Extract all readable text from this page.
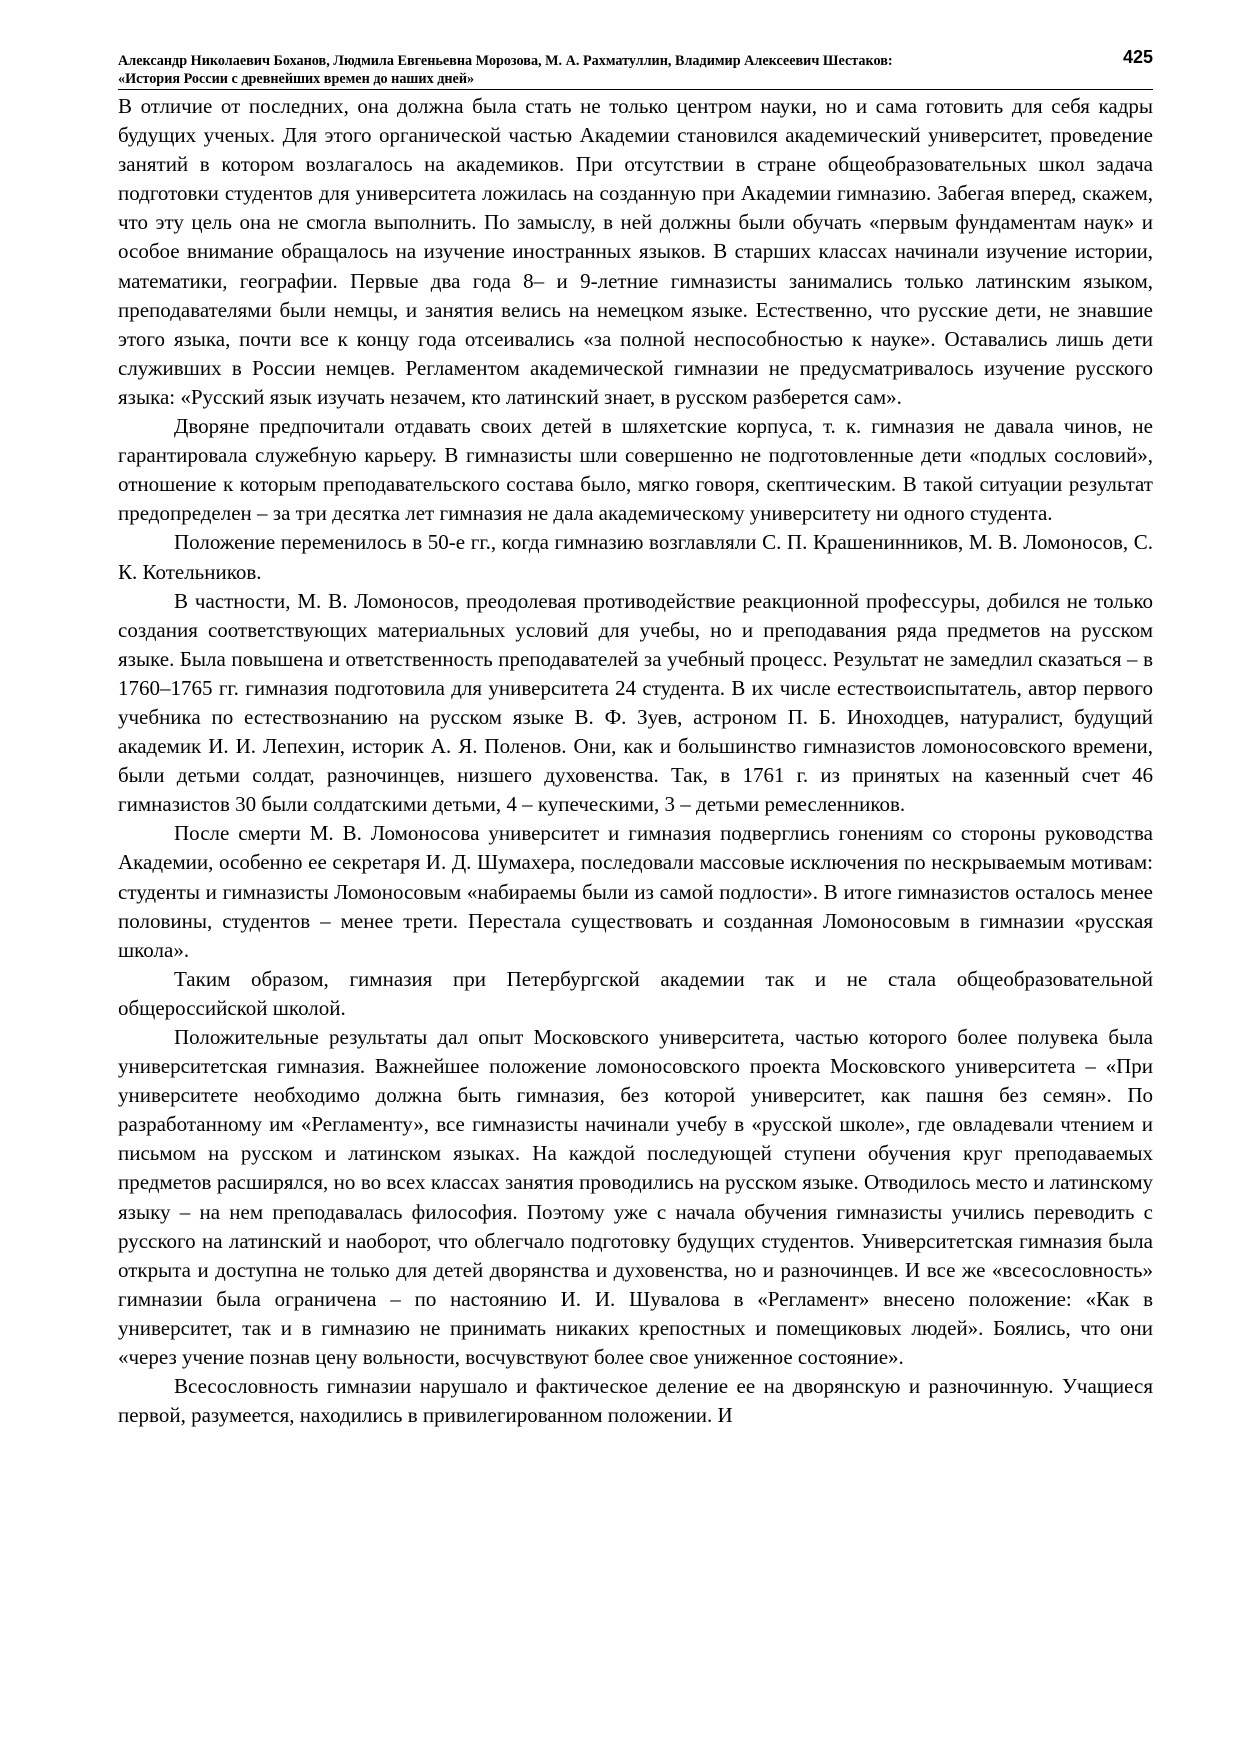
Александр Николаевич Боханов, Людмила Евгеньевна Морозова, М. А. Рахматуллин, Владимир Алексеевич Шестаков:
«История России с древнейших времен до наших дней»
425

В отличие от последних, она должна была стать не только центром науки, но и сама готовить для себя кадры будущих ученых. Для этого органической частью Академии становился академический университет, проведение занятий в котором возлагалось на академиков. При отсутствии в стране общеобразовательных школ задача подготовки студентов для университета ложилась на созданную при Академии гимназию. Забегая вперед, скажем, что эту цель она не смогла выполнить. По замыслу, в ней должны были обучать «первым фундаментам наук» и особое внимание обращалось на изучение иностранных языков. В старших классах начинали изучение истории, математики, географии. Первые два года 8– и 9-летние гимназисты занимались только латинским языком, преподавателями были немцы, и занятия велись на немецком языке. Естественно, что русские дети, не знавшие этого языка, почти все к концу года отсеивались «за полной неспособностью к науке». Оставались лишь дети служивших в России немцев. Регламентом академической гимназии не предусматривалось изучение русского языка: «Русский язык изучать незачем, кто латинский знает, в русском разберется сам».

Дворяне предпочитали отдавать своих детей в шляхетские корпуса, т. к. гимназия не давала чинов, не гарантировала служебную карьеру. В гимназисты шли совершенно не подготовленные дети «подлых сословий», отношение к которым преподавательского состава было, мягко говоря, скептическим. В такой ситуации результат предопределен – за три десятка лет гимназия не дала академическому университету ни одного студента.

Положение переменилось в 50-е гг., когда гимназию возглавляли С. П. Крашенинников, М. В. Ломоносов, С. К. Котельников.

В частности, М. В. Ломоносов, преодолевая противодействие реакционной профессуры, добился не только создания соответствующих материальных условий для учебы, но и преподавания ряда предметов на русском языке. Была повышена и ответственность преподавателей за учебный процесс. Результат не замедлил сказаться – в 1760–1765 гг. гимназия подготовила для университета 24 студента. В их числе естествоиспытатель, автор первого учебника по естествознанию на русском языке В. Ф. Зуев, астроном П. Б. Иноходцев, натуралист, будущий академик И. И. Лепехин, историк А. Я. Поленов. Они, как и большинство гимназистов ломоносовского времени, были детьми солдат, разночинцев, низшего духовенства. Так, в 1761 г. из принятых на казенный счет 46 гимназистов 30 были солдатскими детьми, 4 – купеческими, 3 – детьми ремесленников.

После смерти М. В. Ломоносова университет и гимназия подверглись гонениям со стороны руководства Академии, особенно ее секретаря И. Д. Шумахера, последовали массовые исключения по нескрываемым мотивам: студенты и гимназисты Ломоносовым «набираемы были из самой подлости». В итоге гимназистов осталось менее половины, студентов – менее трети. Перестала существовать и созданная Ломоносовым в гимназии «русская школа».

Таким образом, гимназия при Петербургской академии так и не стала общеобразовательной общероссийской школой.

Положительные результаты дал опыт Московского университета, частью которого более полувека была университетская гимназия. Важнейшее положение ломоносовского проекта Московского университета – «При университете необходимо должна быть гимназия, без которой университет, как пашня без семян». По разработанному им «Регламенту», все гимназисты начинали учебу в «русской школе», где овладевали чтением и письмом на русском и латинском языках. На каждой последующей ступени обучения круг преподаваемых предметов расширялся, но во всех классах занятия проводились на русском языке. Отводилось место и латинскому языку – на нем преподавалась философия. Поэтому уже с начала обучения гимназисты учились переводить с русского на латинский и наоборот, что облегчало подготовку будущих студентов. Университетская гимназия была открыта и доступна не только для детей дворянства и духовенства, но и разночинцев. И все же «всесословность» гимназии была ограничена – по настоянию И. И. Шувалова в «Регламент» внесено положение: «Как в университет, так и в гимназию не принимать никаких крепостных и помещиковых людей». Боялись, что они «через учение познав цену вольности, восчувствуют более свое униженное состояние».

Всесословность гимназии нарушало и фактическое деление ее на дворянскую и разночинную. Учащиеся первой, разумеется, находились в привилегированном положении. И
